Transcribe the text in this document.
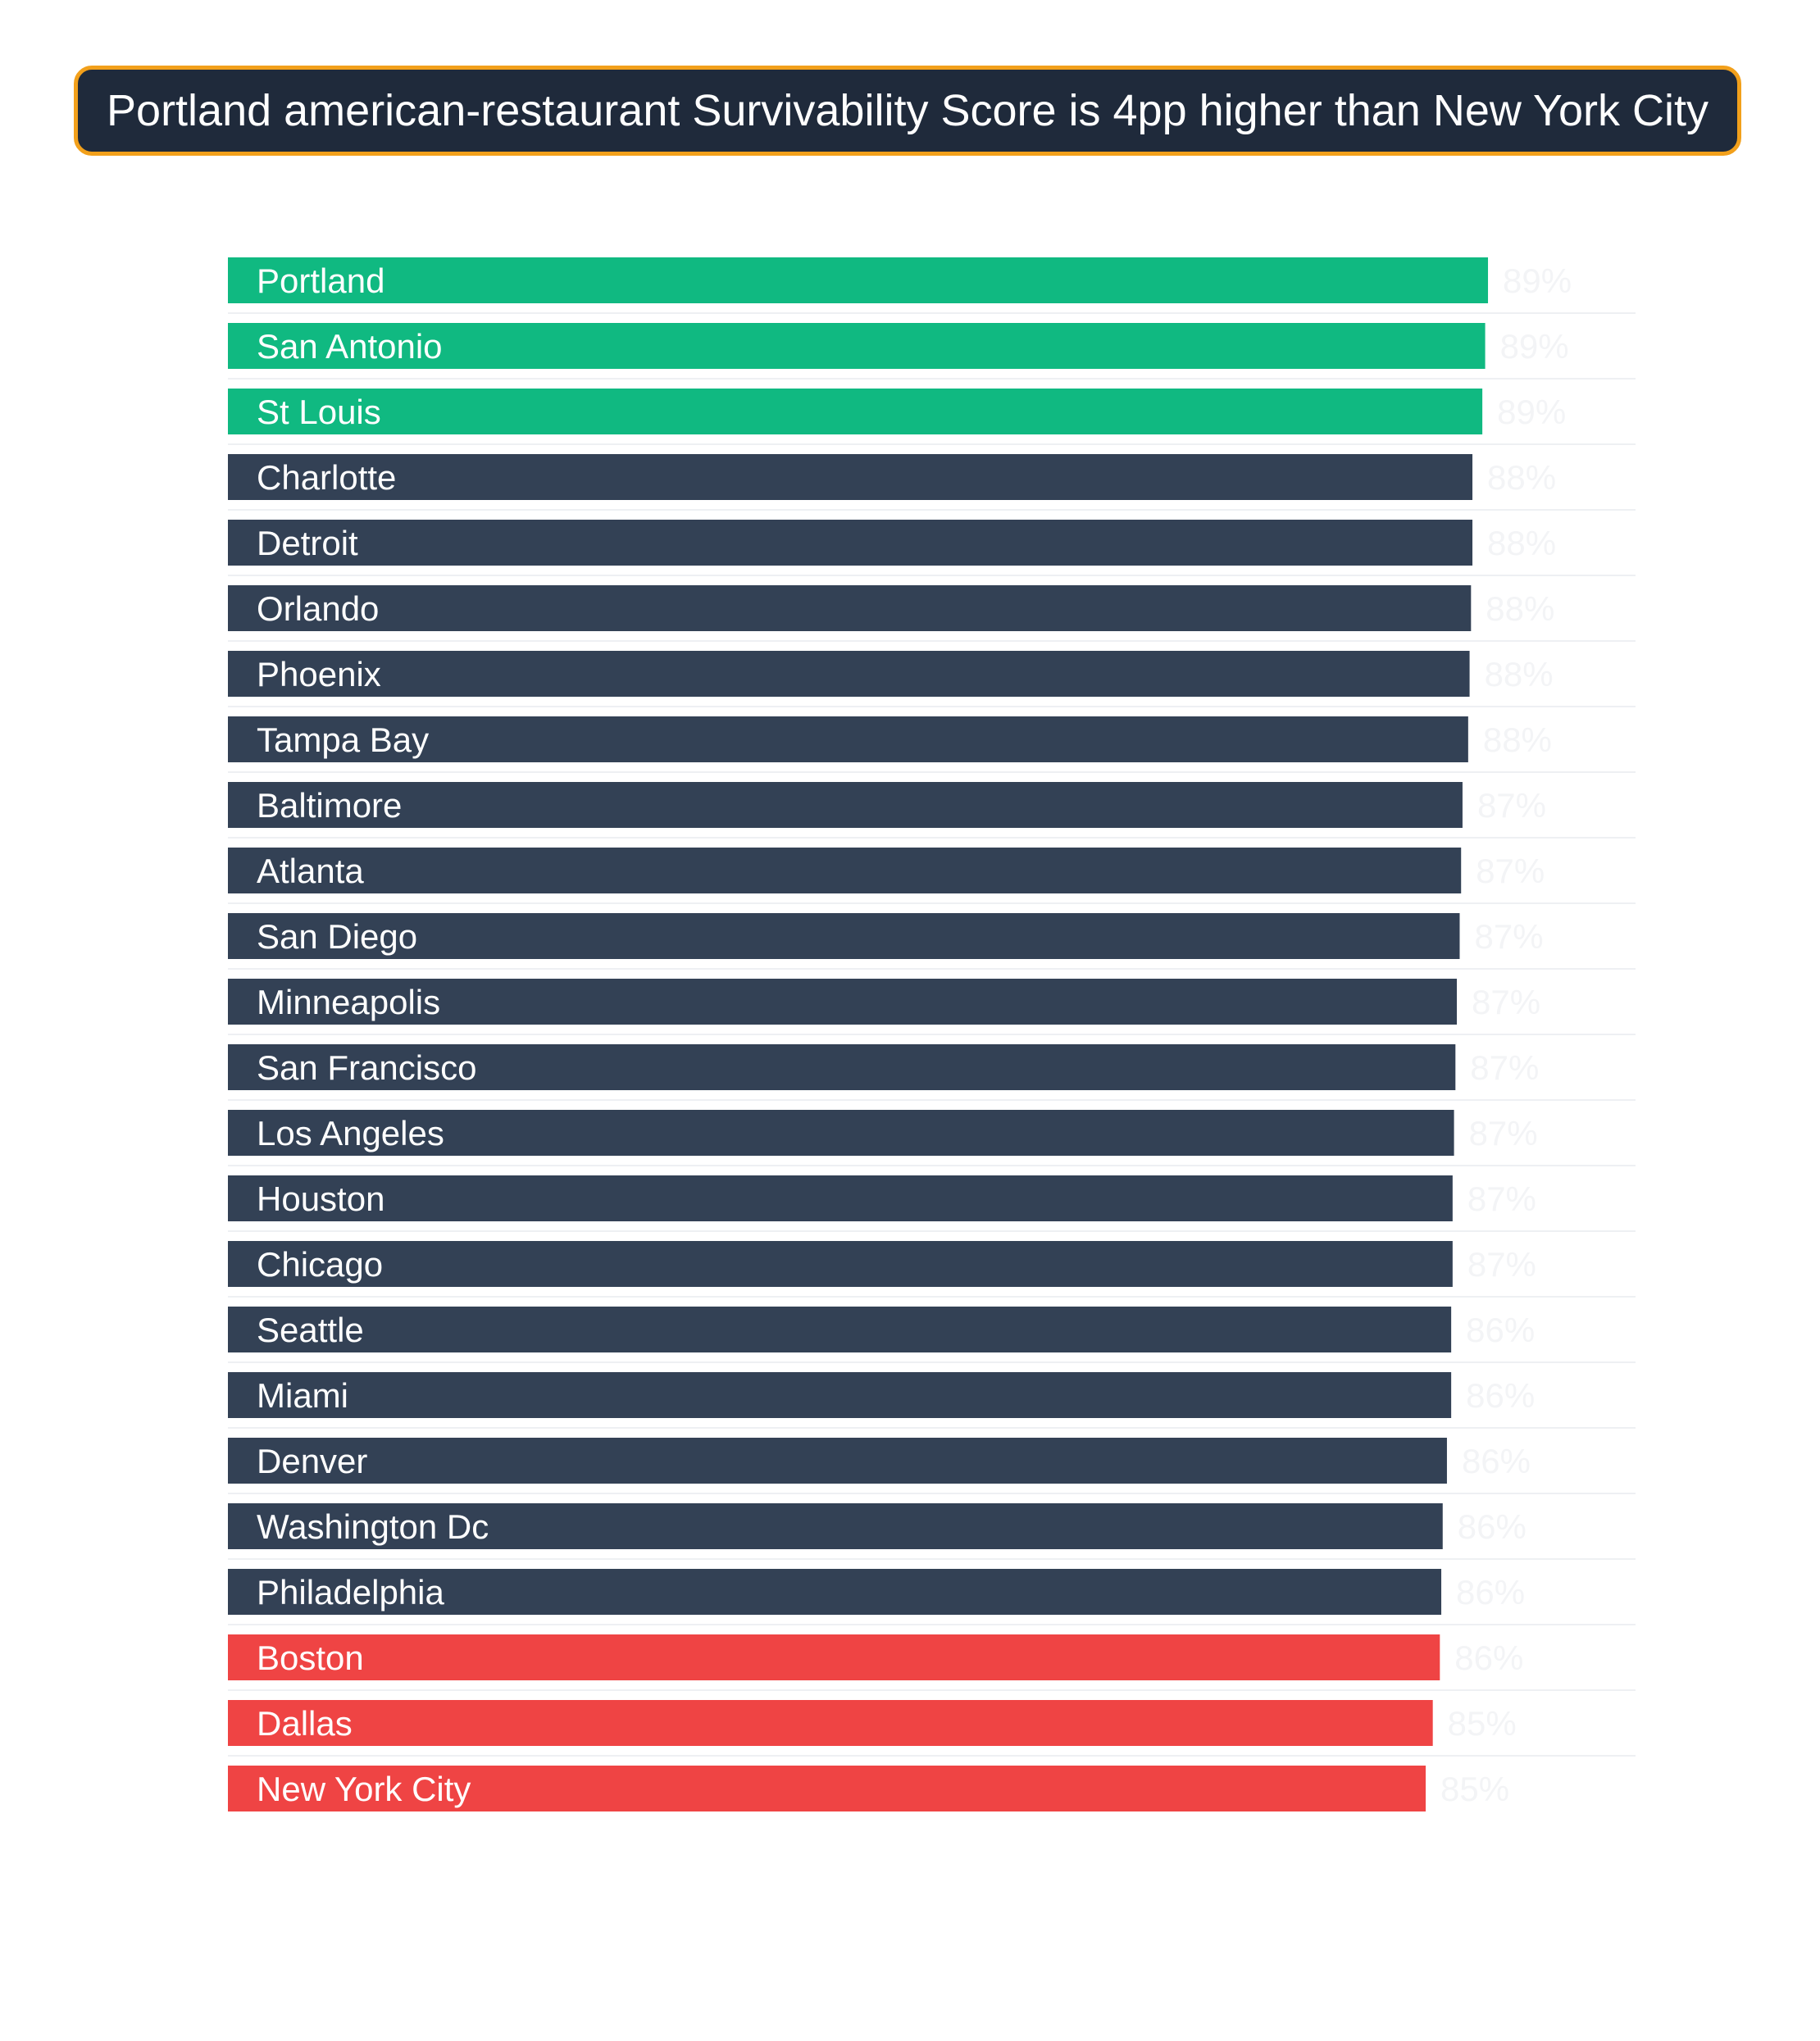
Portland american-restaurant Survivability Score is 4pp higher than New York City
Portland	89%
San Antonio	89%
St Louis	89%
Charlotte	88%
Detroit	88%
Orlando	88%
Phoenix	88%
Tampa Bay	88%
Baltimore	87%
Atlanta	87%
San Diego	87%
Minneapolis	87%
San Francisco	87%
Los Angeles	87%
Houston	87%
Chicago	87%
Seattle	86%
Miami	86%
Denver	86%
Washington Dc	86%
Philadelphia	86%
Boston	86%
Dallas	85%
New York City	85%
